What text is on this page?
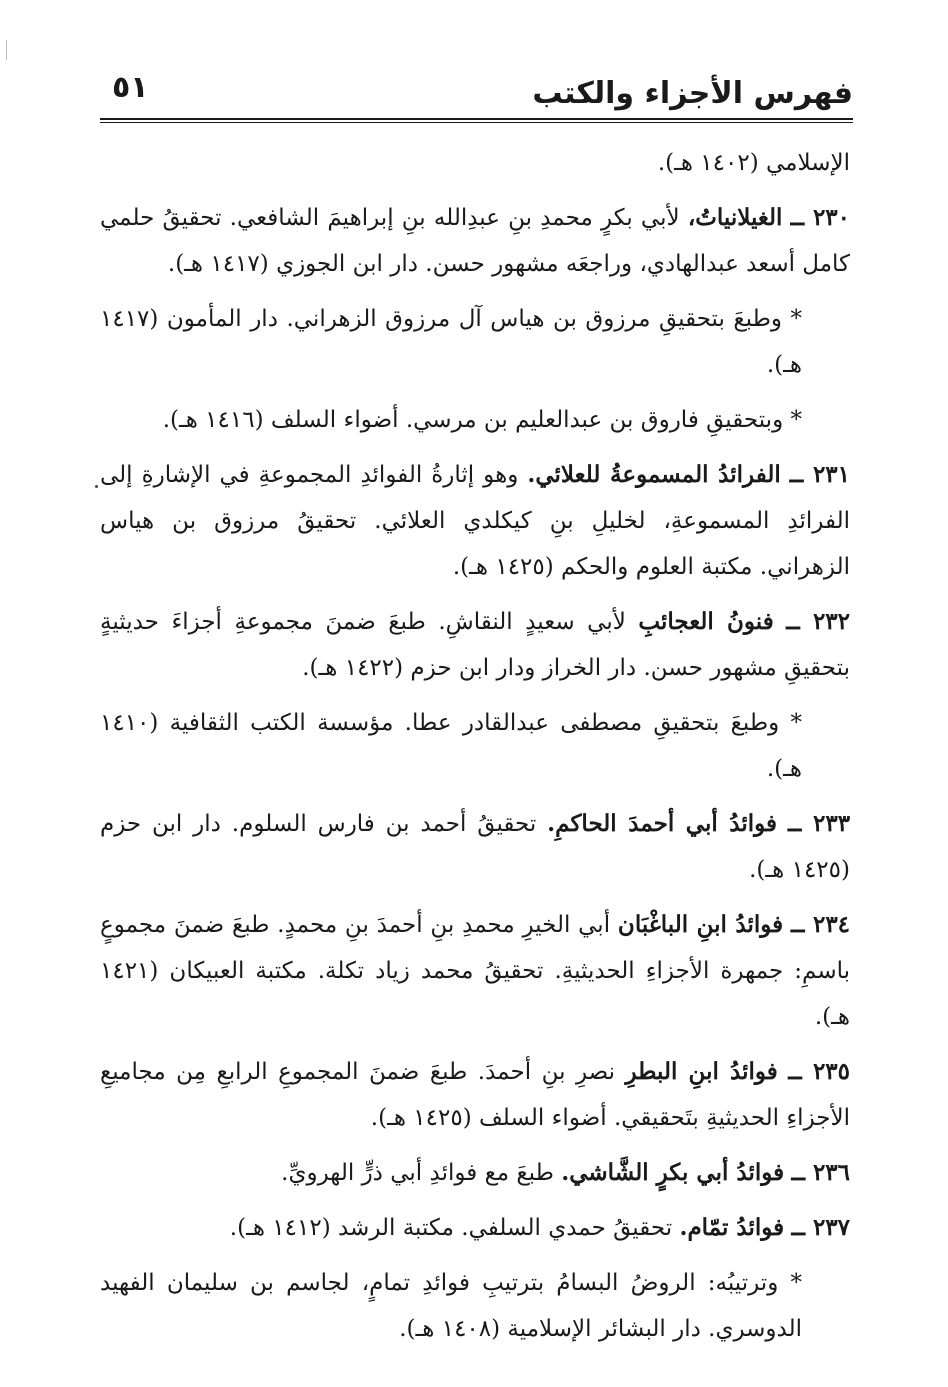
فهرس الأجزاء والكتب
٥١

الإسلامي (١٤٠٢ هـ).

٢٣٠ ــ الغيلانياتُ، لأبي بكرٍ محمدِ بنِ عبدِالله بنِ إبراهيمَ الشافعي. تحقيقُ حلمي كامل أسعد عبدالهادي، وراجعَه مشهور حسن. دار ابن الجوزي (١٤١٧ هـ).

* وطبعَ بتحقيقِ مرزوق بن هياس آل مرزوق الزهراني. دار المأمون (١٤١٧ هـ).

* وبتحقيقِ فاروق بن عبدالعليم بن مرسي. أضواء السلف (١٤١٦ هـ).

٢٣١ ــ الفرائدُ المسموعةُ للعلائي. وهو إثارةُ الفوائدِ المجموعةِ في الإشارةِ إلى الفرائدِ المسموعةِ، لخليلِ بنِ كيكلدي العلائي. تحقيقُ مرزوق بن هياس الزهراني. مكتبة العلوم والحكم (١٤٢٥ هـ).

٢٣٢ ــ فنونُ العجائبِ لأبي سعيدٍ النقاشِ. طبعَ ضمنَ مجموعةِ أجزاءَ حديثيةٍ بتحقيقِ مشهور حسن. دار الخراز ودار ابن حزم (١٤٢٢ هـ).

* وطبعَ بتحقيقِ مصطفى عبدالقادر عطا. مؤسسة الكتب الثقافية (١٤١٠ هـ).

٢٣٣ ــ فوائدُ أبي أحمدَ الحاكمِ. تحقيقُ أحمد بن فارس السلوم. دار ابن حزم (١٤٢٥ هـ).

٢٣٤ ــ فوائدُ ابنِ الباغْبَان أبي الخيرِ محمدِ بنِ أحمدَ بنِ محمدٍ. طبعَ ضمنَ مجموعٍ باسمِ: جمهرة الأجزاءِ الحديثيةِ. تحقيقُ محمد زياد تكلة. مكتبة العبيكان (١٤٢١ هـ).

٢٣٥ ــ فوائدُ ابنِ البطرِ نصرِ بنِ أحمدَ. طبعَ ضمنَ المجموعِ الرابعِ مِن مجاميعِ الأجزاءِ الحديثيةِ بتَحقيقي. أضواء السلف (١٤٢٥ هـ).

٢٣٦ ــ فوائدُ أبي بكرٍ الشَّاشي. طبعَ مع فوائدِ أبي ذرٍّ الهرويِّ.

٢٣٧ ــ فوائدُ تمّام. تحقيقُ حمدي السلفي. مكتبة الرشد (١٤١٢ هـ).

* وترتيبُه: الروضُ البسامُ بترتيبِ فوائدِ تمامٍ، لجاسم بن سليمان الفهيد الدوسري. دار البشائر الإسلامية (١٤٠٨ هـ).
